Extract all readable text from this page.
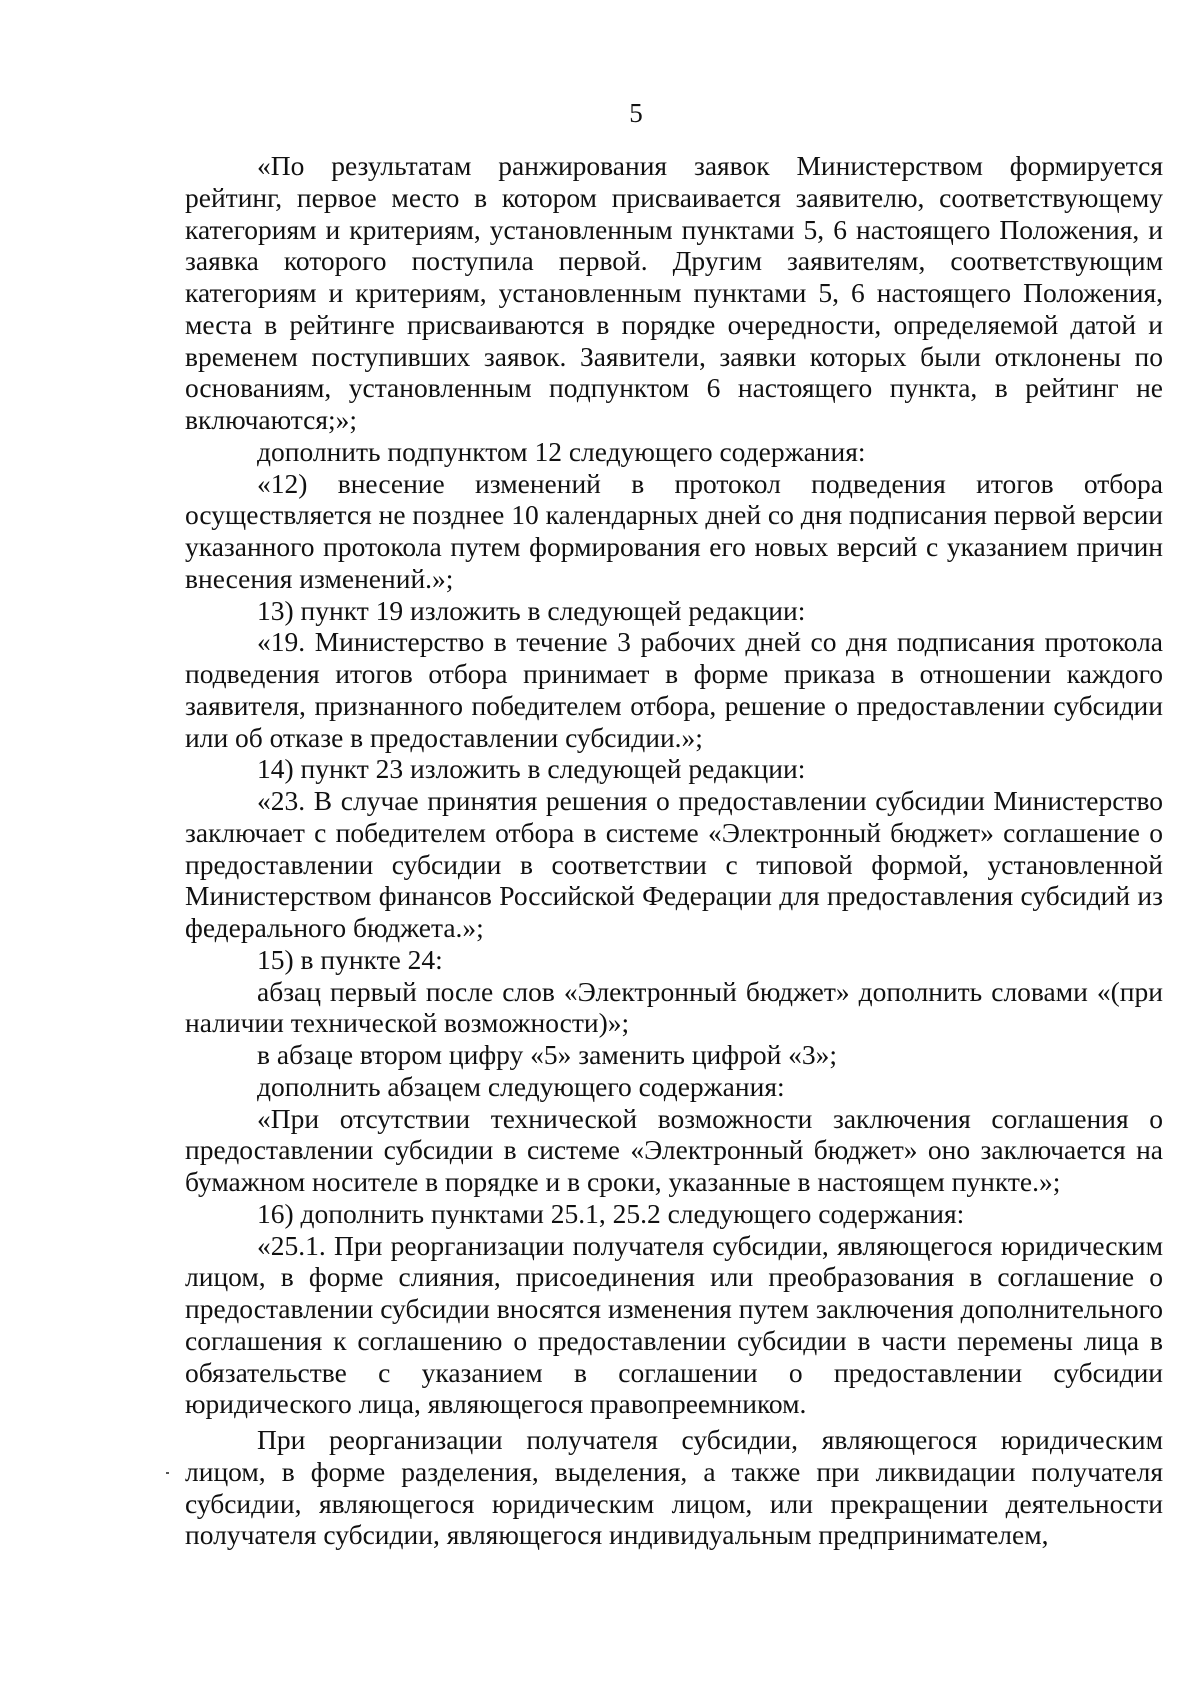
5

«По результатам ранжирования заявок Министерством формируется рейтинг, первое место в котором присваивается заявителю, соответствующему категориям и критериям, установленным пунктами 5, 6 настоящего Положения, и заявка которого поступила первой. Другим заявителям, соответствующим категориям и критериям, установленным пунктами 5, 6 настоящего Положения, места в рейтинге присваиваются в порядке очередности, определяемой датой и временем поступивших заявок. Заявители, заявки которых были отклонены по основаниям, установленным подпунктом 6 настоящего пункта, в рейтинг не включаются;»;

дополнить подпунктом 12 следующего содержания:

«12) внесение изменений в протокол подведения итогов отбора осуществляется не позднее 10 календарных дней со дня подписания первой версии указанного протокола путем формирования его новых версий с указанием причин внесения изменений.»;

13) пункт 19 изложить в следующей редакции:

«19. Министерство в течение 3 рабочих дней со дня подписания протокола подведения итогов отбора принимает в форме приказа в отношении каждого заявителя, признанного победителем отбора, решение о предоставлении субсидии или об отказе в предоставлении субсидии.»;

14) пункт 23 изложить в следующей редакции:

«23. В случае принятия решения о предоставлении субсидии Министерство заключает с победителем отбора в системе «Электронный бюджет» соглашение о предоставлении субсидии в соответствии с типовой формой, установленной Министерством финансов Российской Федерации для предоставления субсидий из федерального бюджета.»;

15) в пункте 24:

абзац первый после слов «Электронный бюджет» дополнить словами «(при наличии технической возможности)»;

в абзаце втором цифру «5» заменить цифрой «3»;

дополнить абзацем следующего содержания:

«При отсутствии технической возможности заключения соглашения о предоставлении субсидии в системе «Электронный бюджет» оно заключается на бумажном носителе в порядке и в сроки, указанные в настоящем пункте.»;

16) дополнить пунктами 25.1, 25.2 следующего содержания:

«25.1. При реорганизации получателя субсидии, являющегося юридическим лицом, в форме слияния, присоединения или преобразования в соглашение о предоставлении субсидии вносятся изменения путем заключения дополнительного соглашения к соглашению о предоставлении субсидии в части перемены лица в обязательстве с указанием в соглашении о предоставлении субсидии юридического лица, являющегося правопреемником.

При реорганизации получателя субсидии, являющегося юридическим лицом, в форме разделения, выделения, а также при ликвидации получателя субсидии, являющегося юридическим лицом, или прекращении деятельности получателя субсидии, являющегося индивидуальным предпринимателем,
